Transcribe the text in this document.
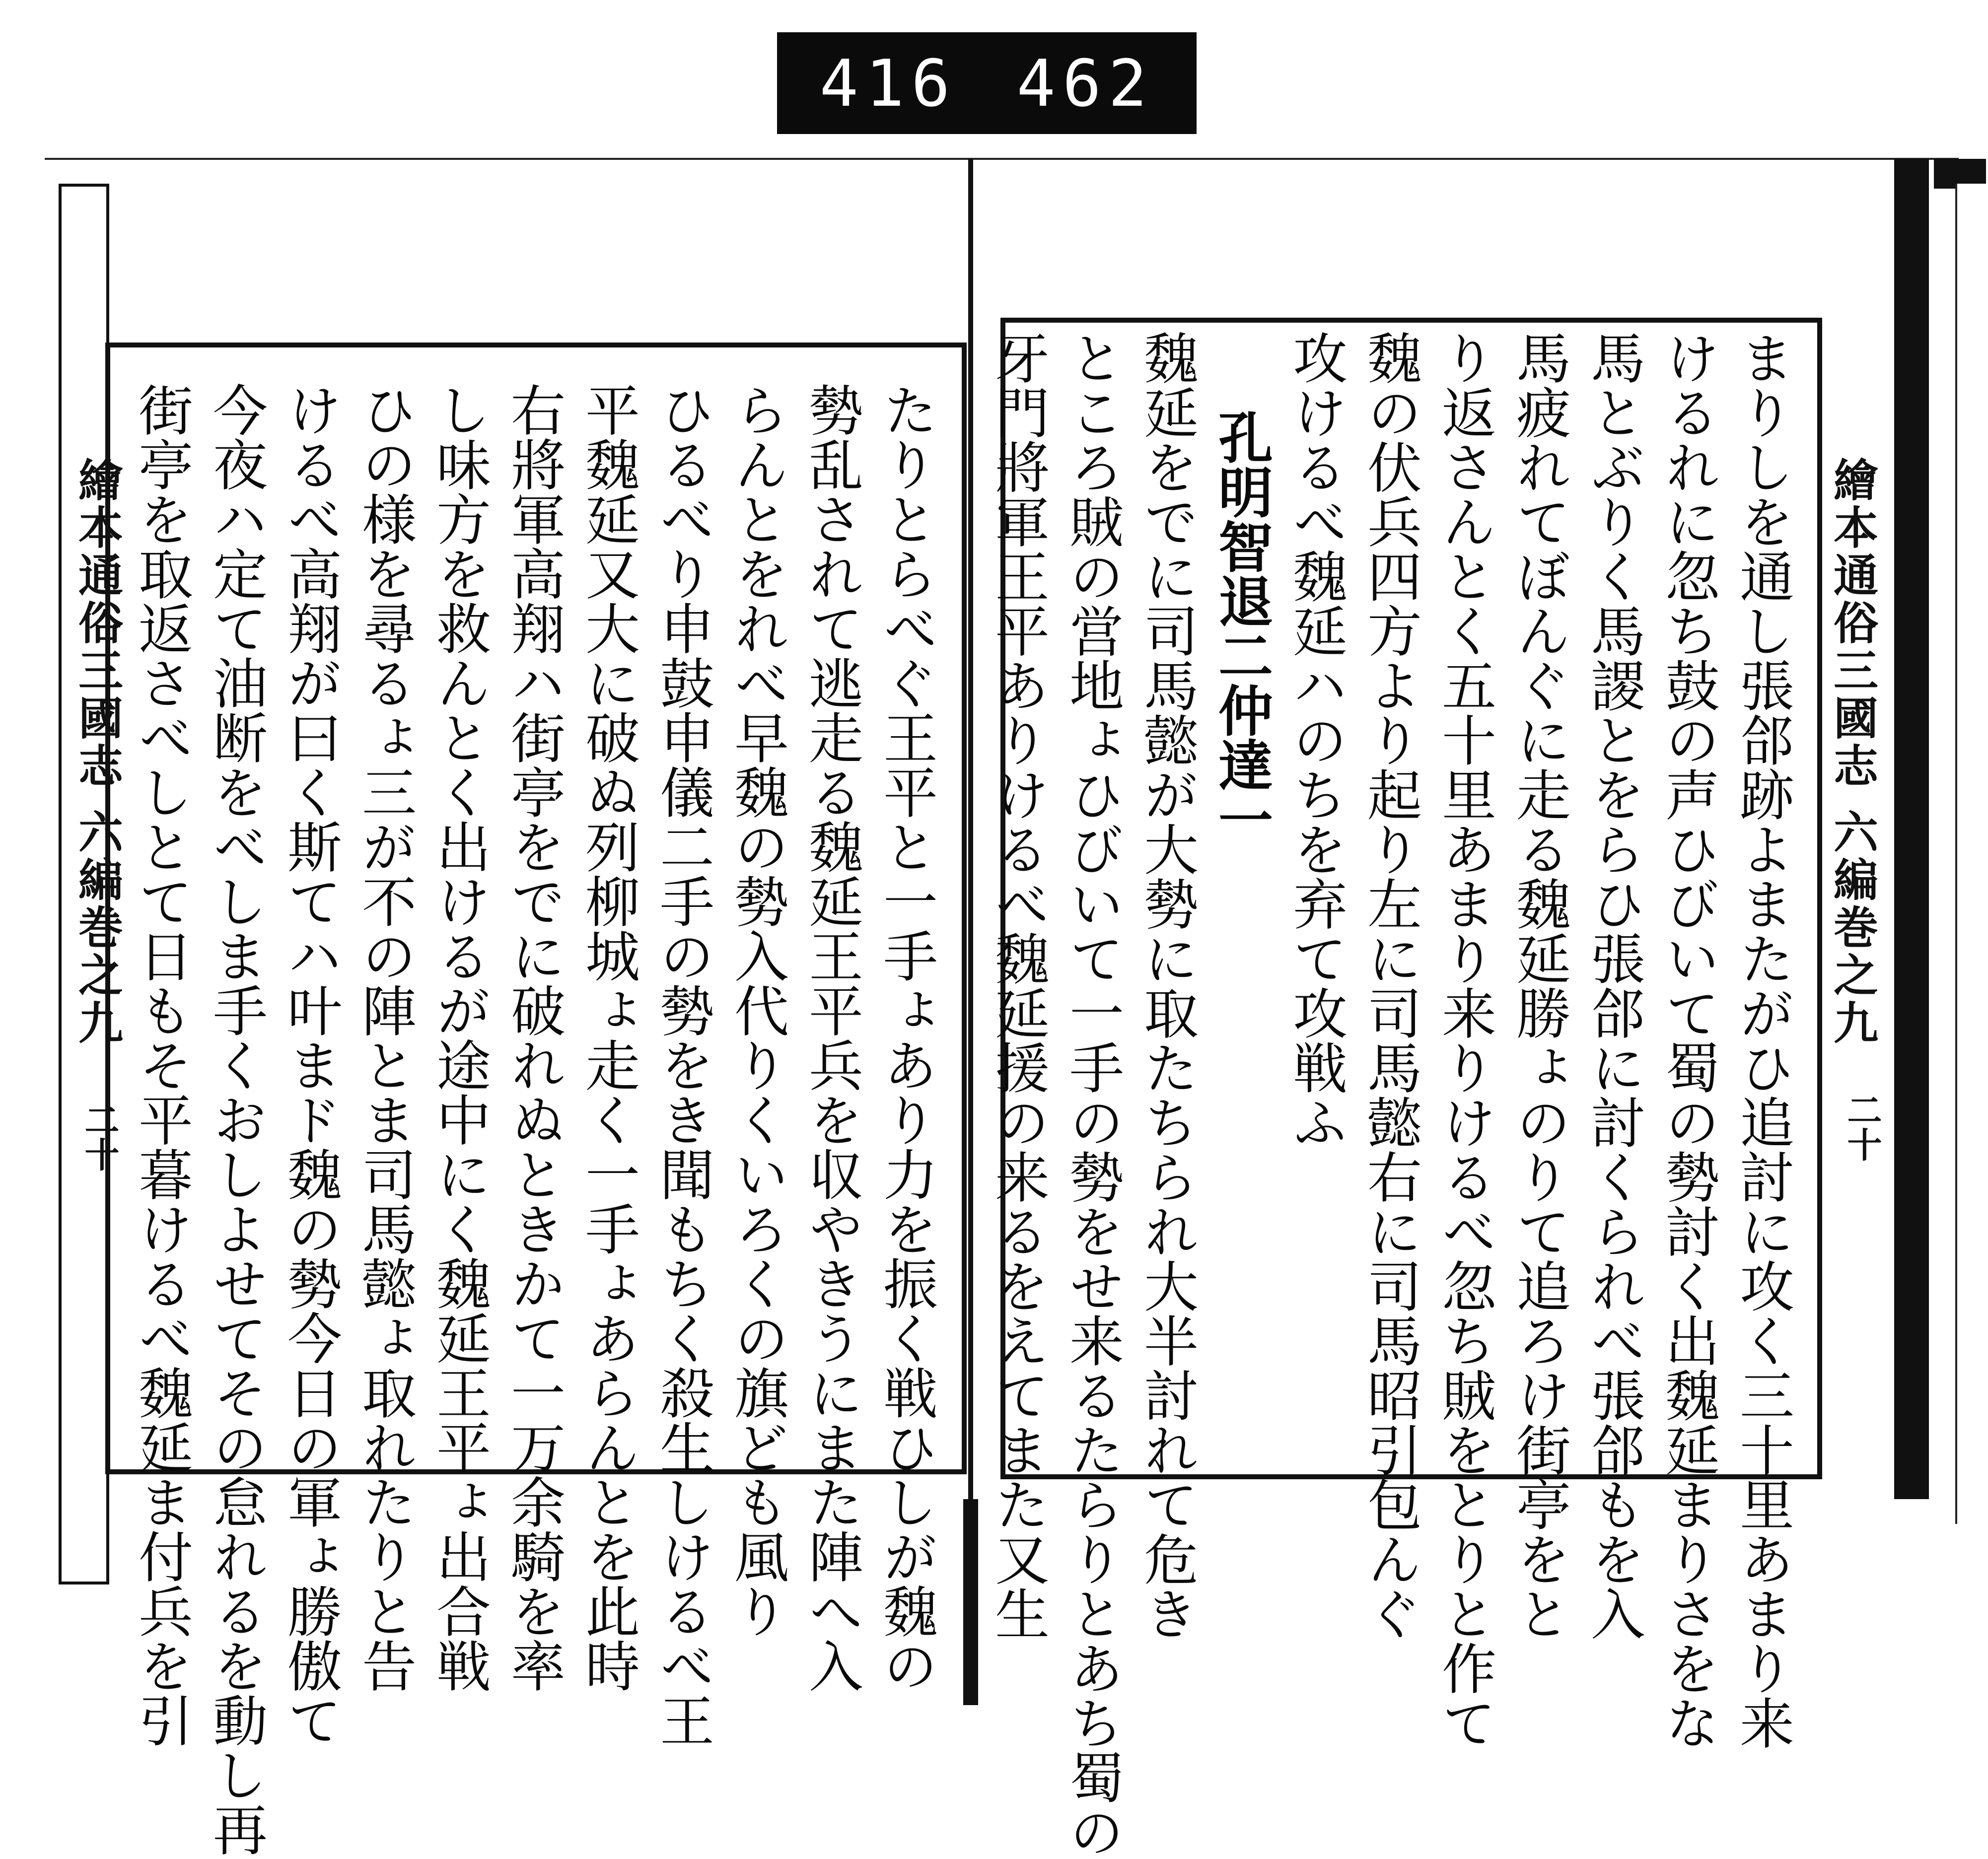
416 462
繪本通俗三國志 六編巻之九
二十	たりとらべぐ王平と一手ょあり力を振く戦ひしが魏の
勢乱されて逃走る魏延王平兵を収やきうにまた陣へ入
らんとをれべ早魏の勢入代りくいろくの旗ども風り
ひるべり申鼓申儀二手の勢をき聞もちく殺生しけるべ王
平魏延又大に破ぬ列柳城ょ走く一手ょあらんとを此時
右將軍高翔ハ街亭をでに破れぬときかて一万余騎を率
し味方を救んとく出けるが途中にく魏延王平ょ出合戦
ひの様を尋るょ三が不の陣とま司馬懿ょ取れたりと告
けるべ高翔が曰く斯てハ叶まド魏の勢今日の軍ょ勝傲て
今夜ハ定て油断をべしま手くおしよせてその怠れるを動し再
街亭を取返さべしとて日もそ平暮けるべ魏延ま付兵を引	繪本通俗三國志 六編巻之九
二十
まりしを通し張郃跡よまたがひ追討に攻く三十里あまり来
けるれに忽ち鼓の声ひびいて蜀の勢討く出魏延まりさをな
馬とぶりく馬謖とをらひ張郃に討くられべ張郃もを入
馬疲れてぼんぐに走る魏延勝ょのりて追ろけ街亭をと
り返さんとく五十里あまり来りけるべ忽ち賊をとりと作て
魏の伏兵四方より起り左に司馬懿右に司馬昭引包んぐ
攻けるべ魏延ハのちを弃て攻戦ふ
孔明智退二仲達一
魏延をでに司馬懿が大勢に取たちられ大半討れて危き
ところ賊の営地ょひびいて一手の勢をせ来るたらりとあち蜀の
牙門將軍王平ありけるべ魏延援の来るをえてまた又生
